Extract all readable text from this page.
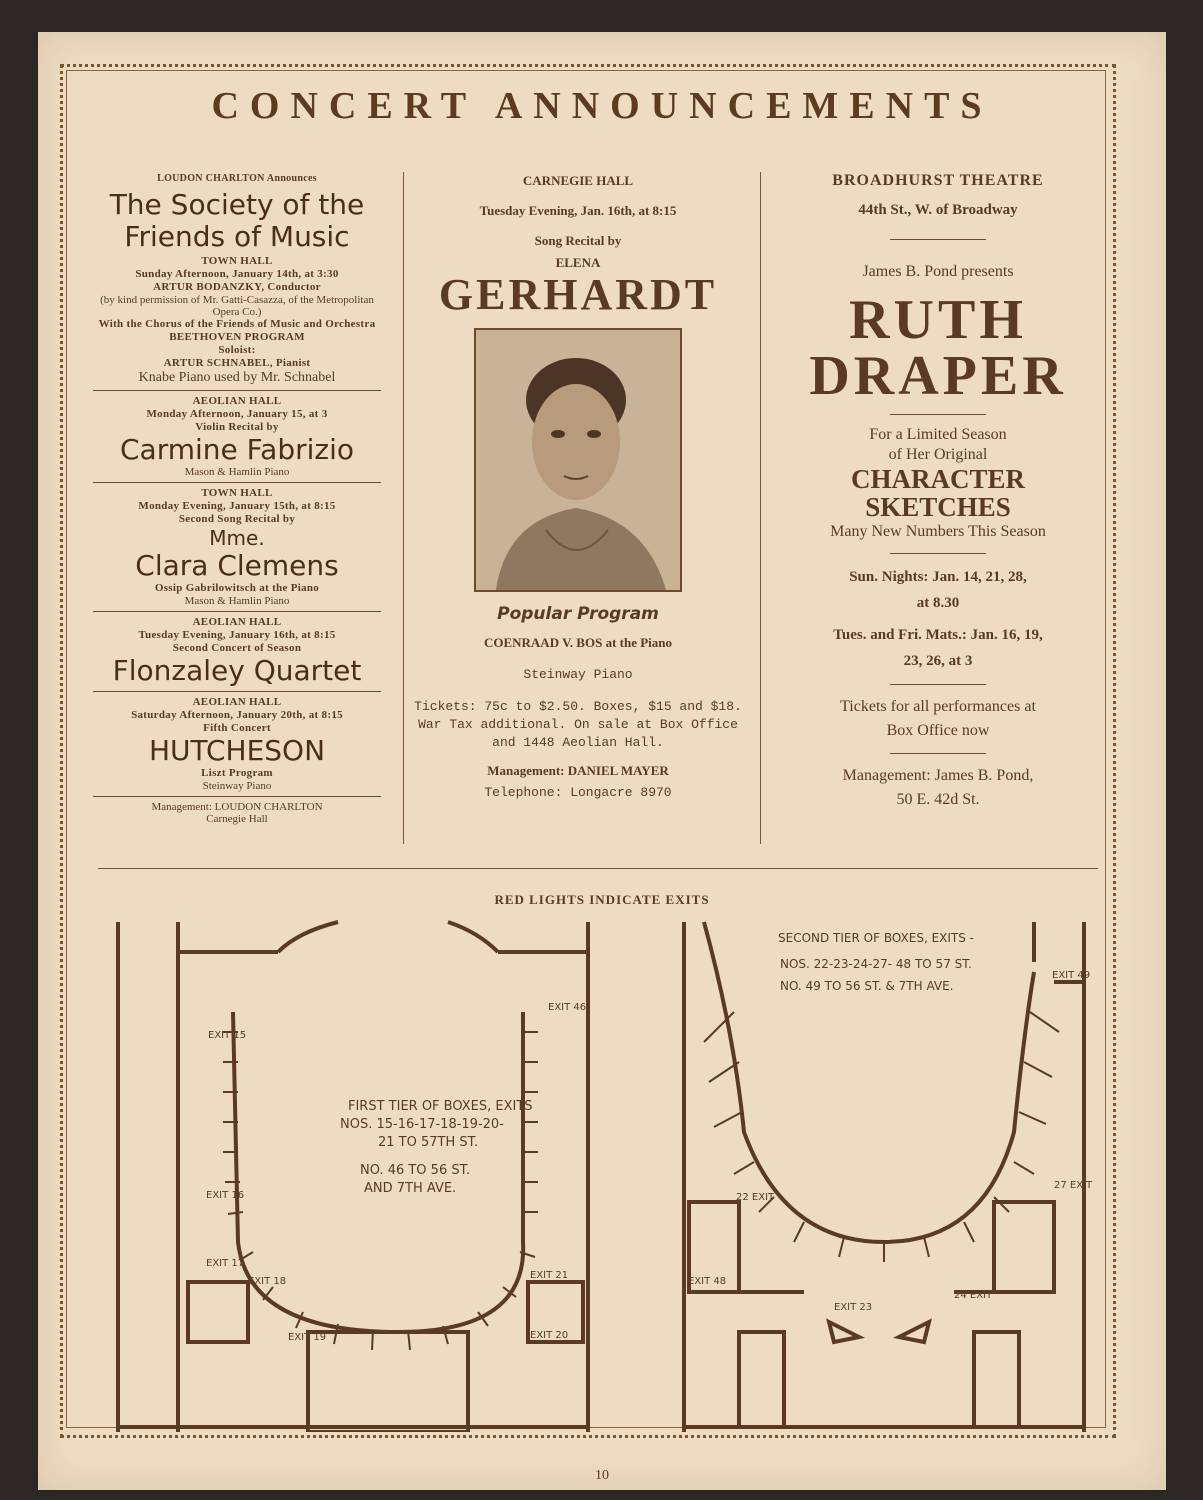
CONCERT ANNOUNCEMENTS
LOUDON CHARLTON Announces
The Society of the Friends of Music
TOWN HALL
Sunday Afternoon, January 14th, at 3:30
ARTUR BODANZKY, Conductor
(by kind permission of Mr. Gatti-Casazza, of the Metropolitan Opera Co.)
With the Chorus of the Friends of Music and Orchestra
BEETHOVEN PROGRAM
Soloist:
ARTUR SCHNABEL, Pianist
Knabe Piano used by Mr. Schnabel
AEOLIAN HALL
Monday Afternoon, January 15, at 3
Violin Recital by
Carmine Fabrizio
Mason & Hamlin Piano
TOWN HALL
Monday Evening, January 15th, at 8:15
Second Song Recital by
Mme.
Clara Clemens
Ossip Gabrilowitsch at the Piano
Mason & Hamlin Piano
AEOLIAN HALL
Tuesday Evening, January 16th, at 8:15
Second Concert of Season
Flonzaley Quartet
AEOLIAN HALL
Saturday Afternoon, January 20th, at 8:15
Fifth Concert
HUTCHESON
Liszt Program
Steinway Piano
Management: LOUDON CHARLTON
Carnegie Hall
CARNEGIE HALL
Tuesday Evening, Jan. 16th, at 8:15
Song Recital by
ELENA
GERHARDT
Popular Program
COENRAAD V. BOS at the Piano
Steinway Piano
Tickets: 75c to $2.50. Boxes, $15 and $18. War Tax additional. On sale at Box Office and 1448 Aeolian Hall.
Management: DANIEL MAYER
Telephone: Longacre 8970
BROADHURST THEATRE
44th St., W. of Broadway
James B. Pond presents
RUTH
DRAPER
For a Limited Season
of Her Original
CHARACTER
SKETCHES
Many New Numbers This Season
Sun. Nights: Jan. 14, 21, 28,
at 8.30
Tues. and Fri. Mats.: Jan. 16, 19,
23, 26, at 3
Tickets for all performances at
Box Office now
Management: James B. Pond,
50 E. 42d St.
RED LIGHTS INDICATE EXITS
EXIT 15
EXIT 16
EXIT 17
EXIT 18
EXIT 19	EXIT 20
EXIT 21
EXIT 46
FIRST TIER OF BOXES, EXITS
NOS. 15-16-17-18-19-20-
21 TO 57TH ST.
NO. 46 TO 56 ST.
AND 7TH AVE.
SECOND TIER OF BOXES, EXITS -
NOS. 22-23-24-27- 48 TO 57 ST.
NO. 49 TO 56 ST. & 7TH AVE.
22 EXIT
EXIT 23
24 EXIT
27 EXIT
EXIT 48
EXIT 49
10
